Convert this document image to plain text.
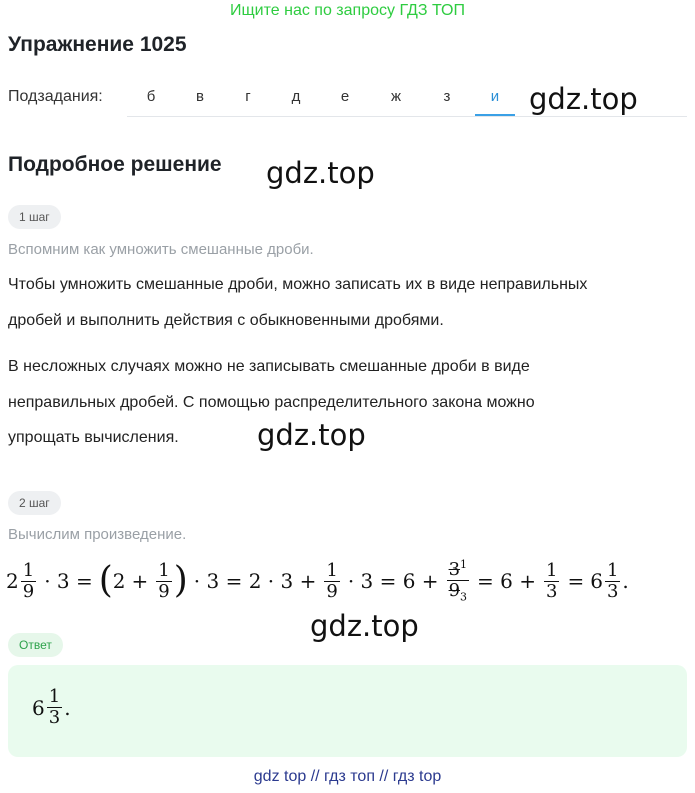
Ищите нас по запросу ГДЗ ТОП
Упражнение 1025
Подзадания:	б	в	г	д	е	ж	з	и	gdz.top
Подробное решение gdz.top
1 шаг
Вспомним как умножить смешанные дроби.
Чтобы умножить смешанные дроби, можно записать их в виде неправильных
дробей и выполнить действия с обыкновенными дробями.
В несложных случаях можно не записывать смешанные дроби в виде
неправильных дробей. С помощью распределительного закона можно
упрощать вычисления.	gdz.top
2 шаг
Вычислим произведение.
$2 \frac{1}{9} \cdot 3$ = ( $2 + \frac{1}{9}$ ) · $3 = 2 \cdot 3 + \frac{1}{9} \cdot 3 = 6 + \frac{3^1}{9_3} = 6 + \frac{1}{3} = 6 \frac{1}{3}$ .
gdz.top
Ответ
$6 \frac{1}{3}$ .
gdz top // гдз топ // гдз top
